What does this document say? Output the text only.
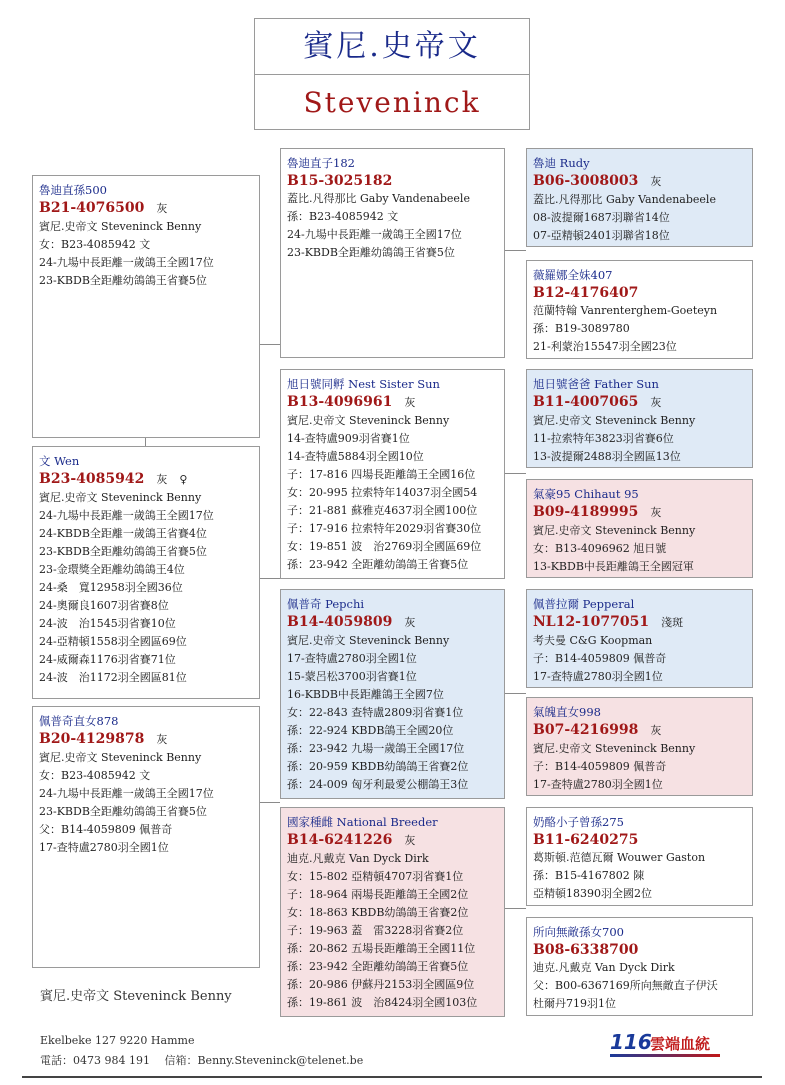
賓尼.史帝文
Steveninck
魯迪直孫500
B21-4076500 灰
賓尼.史帝文 Steveninck Benny
女：B23-4085942 文
24-九場中長距離一歲鴿王全國17位
23-KBDB全距離幼鴿鴿王省賽5位
文 Wen
B23-4085942 灰 ♀
賓尼.史帝文 Steveninck Benny
24-九場中長距離一歲鴿王全國17位
24-KBDB全距離一歲鴿王省賽4位
23-KBDB全距離幼鴿鴿王省賽5位
23-金環獎全距離幼鴿鴿王4位
24-桑　寬12958羽全國36位
24-奧爾良1607羽省賽8位
24-波　治1545羽省賽10位
24-亞精頓1558羽全國區69位
24-威爾森1176羽省賽71位
24-波　治1172羽全國區81位
佩普奇直女878
B20-4129878 灰
賓尼.史帝文 Steveninck Benny
女：B23-4085942 文
24-九場中長距離一歲鴿王全國17位
23-KBDB全距離幼鴿鴿王省賽5位
父：B14-4059809 佩普奇
17-查特盧2780羽全國1位
魯迪直子182
B15-3025182
蓋比.凡得那比 Gaby Vandenabeele
孫：B23-4085942 文
24-九場中長距離一歲鴿王全國17位
23-KBDB全距離幼鴿鴿王省賽5位
旭日號同孵 Nest Sister Sun
B13-4096961 灰
賓尼.史帝文 Steveninck Benny
14-查特盧909羽省賽1位
14-查特盧5884羽全國10位
子：17-816 四場長距離鴿王全國16位
女：20-995 拉索特年14037羽全國54
子：21-881 蘇雅克4637羽全國100位
子：17-916 拉索特年2029羽省賽30位
女：19-851 波　治2769羽全國區69位
孫：23-942 全距離幼鴿鴿王省賽5位
佩普奇 Pepchi
B14-4059809 灰
賓尼.史帝文 Steveninck Benny
17-查特盧2780羽全國1位
15-蒙呂松3700羽省賽1位
16-KBDB中長距離鴿王全國7位
女：22-843 查特盧2809羽省賽1位
孫：22-924 KBDB鴿王全國20位
孫：23-942 九場一歲鴿王全國17位
孫：20-959 KBDB幼鴿鴿王省賽2位
孫：24-009 匈牙利最愛公棚鴿王3位
國家種雌 National Breeder
B14-6241226 灰
迪克.凡戴克 Van Dyck Dirk
女：15-802 亞精頓4707羽省賽1位
子：18-964 兩場長距離鴿王全國2位
女：18-863 KBDB幼鴿鴿王省賽2位
子：19-963 蓋　雷3228羽省賽2位
孫：20-862 五場長距離鴿王全國11位
孫：23-942 全距離幼鴿鴿王省賽5位
孫：20-986 伊蘇丹2153羽全國區9位
孫：19-861 波　治8424羽全國103位
魯迪 Rudy
B06-3008003 灰
蓋比.凡得那比 Gaby Vandenabeele
08-波提爾1687羽聯省14位
07-亞精頓2401羽聯省18位
薇羅娜全妹407
B12-4176407
范蘭特翰 Vanrenterghem-Goeteyn
孫：B19-3089780
21-利蒙治15547羽全國23位
旭日號爸爸 Father Sun
B11-4007065 灰
賓尼.史帝文 Steveninck Benny
11-拉索特年3823羽省賽6位
13-波提爾2488羽全國區13位
氣豪95 Chihaut 95
B09-4189995 灰
賓尼.史帝文 Steveninck Benny
女：B13-4096962 旭日號
13-KBDB中長距離鴿王全國冠軍
佩普拉爾 Pepperal
NL12-1077051 淺斑
考夫曼 C&G Koopman
子：B14-4059809 佩普奇
17-查特盧2780羽全國1位
氣魄直女998
B07-4216998 灰
賓尼.史帝文 Steveninck Benny
子：B14-4059809 佩普奇
17-查特盧2780羽全國1位
奶酪小子曾孫275
B11-6240275
葛斯頓.范德瓦爾 Wouwer Gaston
孫：B15-4167802 陳
亞精頓18390羽全國2位
所向無敵孫女700
B08-6338700
迪克.凡戴克 Van Dyck Dirk
父：B00-6367169所向無敵直子伊沃
杜爾丹719羽1位
賓尼.史帝文 Steveninck Benny
Ekelbeke 127 9220 Hamme
電話：0473 984 191　 信箱：Benny.Steveninck@telenet.be
116
雲端血統
